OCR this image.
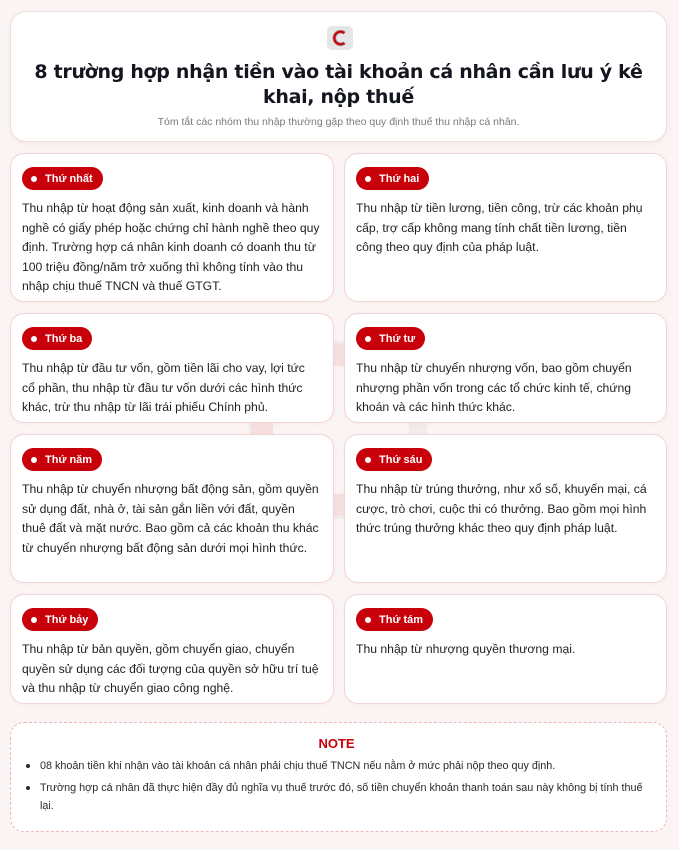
8 trường hợp nhận tiền vào tài khoản cá nhân cần lưu ý kê khai, nộp thuế
Tóm tắt các nhóm thu nhập thường gặp theo quy định thuế thu nhập cá nhân.
Thứ nhất
Thu nhập từ hoạt động sản xuất, kinh doanh và hành nghề có giấy phép hoặc chứng chỉ hành nghề theo quy định. Trường hợp cá nhân kinh doanh có doanh thu từ 100 triệu đồng/năm trở xuống thì không tính vào thu nhập chịu thuế TNCN và thuế GTGT.
Thứ hai
Thu nhập từ tiền lương, tiền công, trừ các khoản phụ cấp, trợ cấp không mang tính chất tiền lương, tiền công theo quy định của pháp luật.
Thứ ba
Thu nhập từ đầu tư vốn, gồm tiền lãi cho vay, lợi tức cổ phần, thu nhập từ đầu tư vốn dưới các hình thức khác, trừ thu nhập từ lãi trái phiếu Chính phủ.
Thứ tư
Thu nhập từ chuyển nhượng vốn, bao gồm chuyển nhượng phần vốn trong các tổ chức kinh tế, chứng khoán và các hình thức khác.
Thứ năm
Thu nhập từ chuyển nhượng bất động sản, gồm quyền sử dụng đất, nhà ở, tài sản gắn liền với đất, quyền thuê đất và mặt nước. Bao gồm cả các khoản thu khác từ chuyển nhượng bất động sản dưới mọi hình thức.
Thứ sáu
Thu nhập từ trúng thưởng, như xổ số, khuyến mại, cá cược, trò chơi, cuộc thi có thưởng. Bao gồm mọi hình thức trúng thưởng khác theo quy định pháp luật.
Thứ bảy
Thu nhập từ bản quyền, gồm chuyển giao, chuyển quyền sử dụng các đối tượng của quyền sở hữu trí tuệ và thu nhập từ chuyển giao công nghệ.
Thứ tám
Thu nhập từ nhượng quyền thương mại.
NOTE
08 khoản tiền khi nhận vào tài khoản cá nhân phải chịu thuế TNCN nếu nằm ở mức phải nộp theo quy định.
Trường hợp cá nhân đã thực hiện đầy đủ nghĩa vụ thuế trước đó, số tiền chuyển khoản thanh toán sau này không bị tính thuế lại.
